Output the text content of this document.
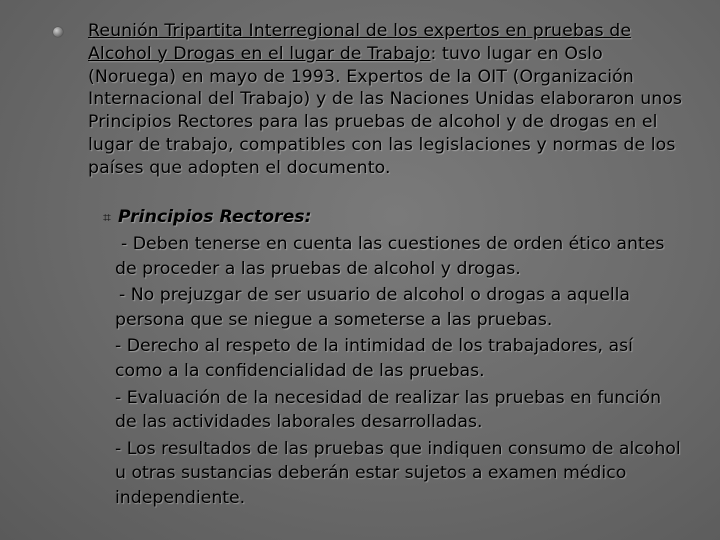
Reunión Tripartita Interregional de los expertos en pruebas de Alcohol y Drogas en el lugar de Trabajo: tuvo lugar en Oslo (Noruega) en mayo de 1993. Expertos de la OIT (Organización Internacional del Trabajo) y de las Naciones Unidas elaboraron unos Principios Rectores para las pruebas de alcohol y de drogas en el lugar de trabajo, compatibles con las legislaciones y normas de los países que adopten el documento.
⌗ Principios Rectores:
- Deben tenerse en cuenta las cuestiones de orden ético antes de proceder a las pruebas de alcohol y drogas.
- No prejuzgar de ser usuario de alcohol o drogas a aquella persona que se niegue a someterse a las pruebas.
- Derecho al respeto de la intimidad de los trabajadores, así como a la confidencialidad de las pruebas.
- Evaluación de la necesidad de realizar las pruebas en función de las actividades laborales desarrolladas.
- Los resultados de las pruebas que indiquen consumo de alcohol u otras sustancias deberán estar sujetos a examen médico independiente.
